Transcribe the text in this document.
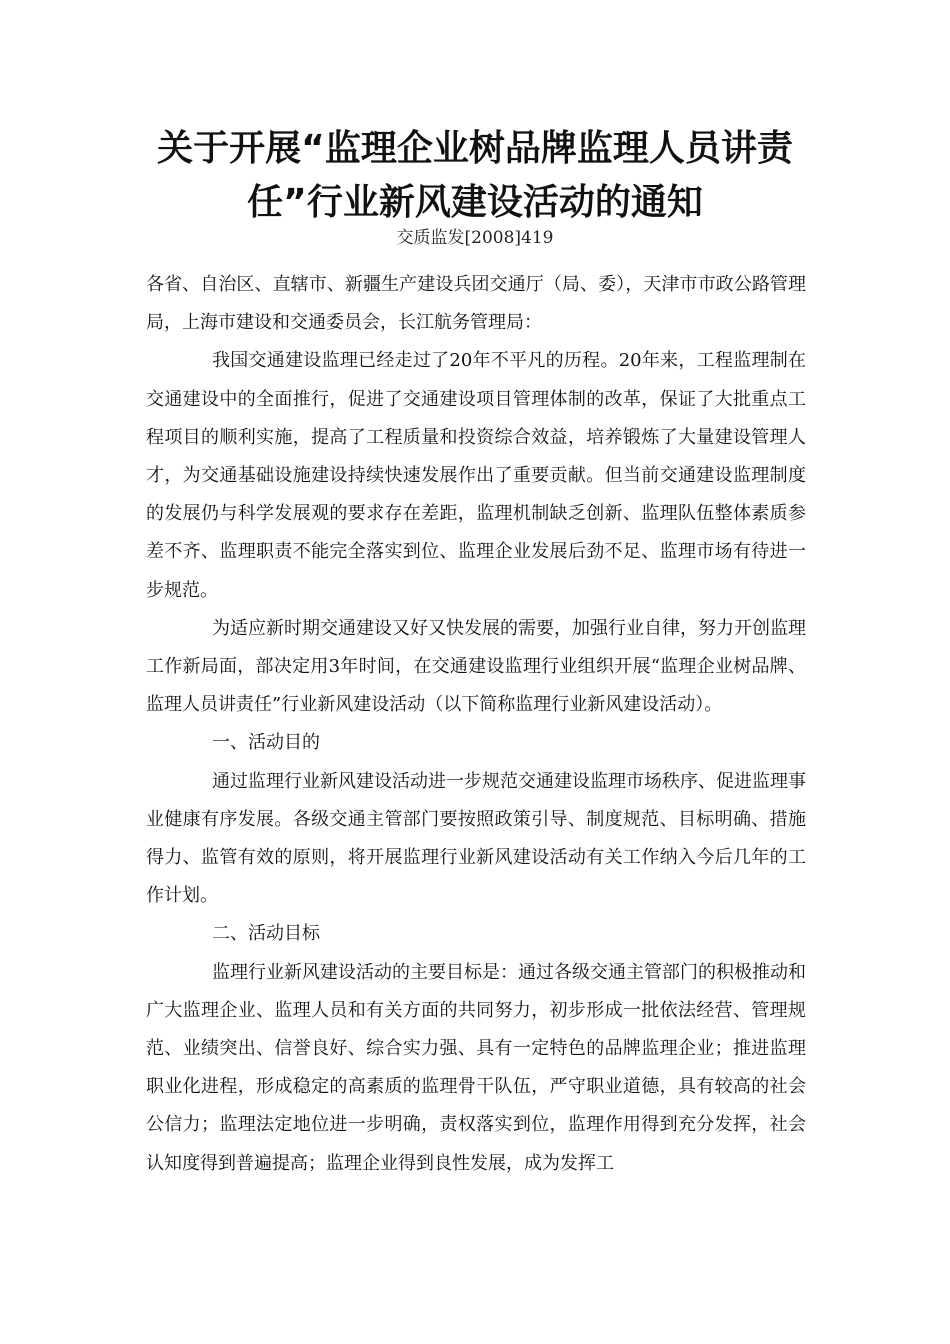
关于开展“监理企业树品牌监理人员讲责
任”行业新风建设活动的通知
交质监发[2008]419

各省、自治区、直辖市、新疆生产建设兵团交通厅（局、委），天津市市政公路管理局，上海市建设和交通委员会，长江航务管理局：

我国交通建设监理已经走过了20年不平凡的历程。20年来，工程监理制在交通建设中的全面推行，促进了交通建设项目管理体制的改革，保证了大批重点工程项目的顺利实施，提高了工程质量和投资综合效益，培养锻炼了大量建设管理人才，为交通基础设施建设持续快速发展作出了重要贡献。但当前交通建设监理制度的发展仍与科学发展观的要求存在差距，监理机制缺乏创新、监理队伍整体素质参差不齐、监理职责不能完全落实到位、监理企业发展后劲不足、监理市场有待进一步规范。

为适应新时期交通建设又好又快发展的需要，加强行业自律，努力开创监理工作新局面，部决定用3年时间，在交通建设监理行业组织开展“监理企业树品牌、监理人员讲责任”行业新风建设活动（以下简称监理行业新风建设活动）。

一、活动目的

通过监理行业新风建设活动进一步规范交通建设监理市场秩序、促进监理事业健康有序发展。各级交通主管部门要按照政策引导、制度规范、目标明确、措施得力、监管有效的原则，将开展监理行业新风建设活动有关工作纳入今后几年的工作计划。

二、活动目标

监理行业新风建设活动的主要目标是：通过各级交通主管部门的积极推动和广大监理企业、监理人员和有关方面的共同努力，初步形成一批依法经营、管理规范、业绩突出、信誉良好、综合实力强、具有一定特色的品牌监理企业；推进监理职业化进程，形成稳定的高素质的监理骨干队伍，严守职业道德，具有较高的社会公信力；监理法定地位进一步明确，责权落实到位，监理作用得到充分发挥，社会认知度得到普遍提高；监理企业得到良性发展，成为发挥工
